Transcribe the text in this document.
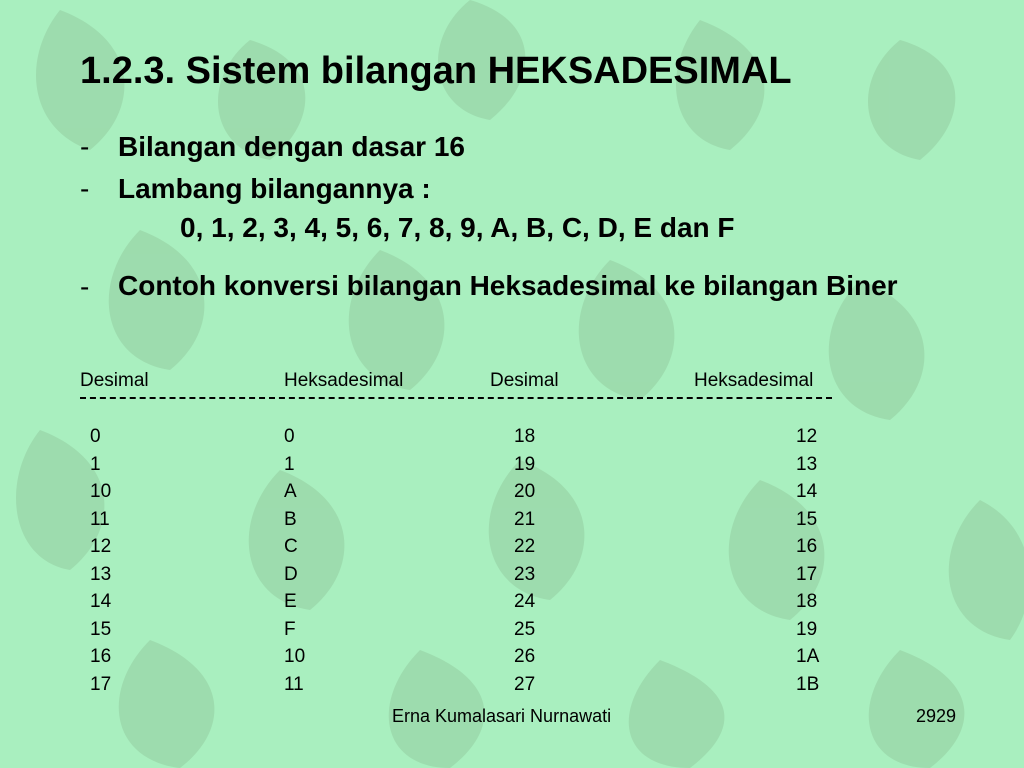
1.2.3. Sistem bilangan HEKSADESIMAL
- Bilangan dengan dasar 16
- Lambang bilangannya :
0, 1, 2, 3, 4, 5, 6, 7, 8, 9, A, B, C, D, E dan F
- Contoh konversi bilangan Heksadesimal ke bilangan Biner
Desimal	Heksadesimal	Desimal	Heksadesimal
0	0	18	12
1	1	19	13
10	A	20	14
11	B	21	15
12	C	22	16
13	D	23	17
14	E	24	18
15	F	25	19
16	10	26	1A
17	11	27	1B
Erna Kumalasari Nurnawati	2929
